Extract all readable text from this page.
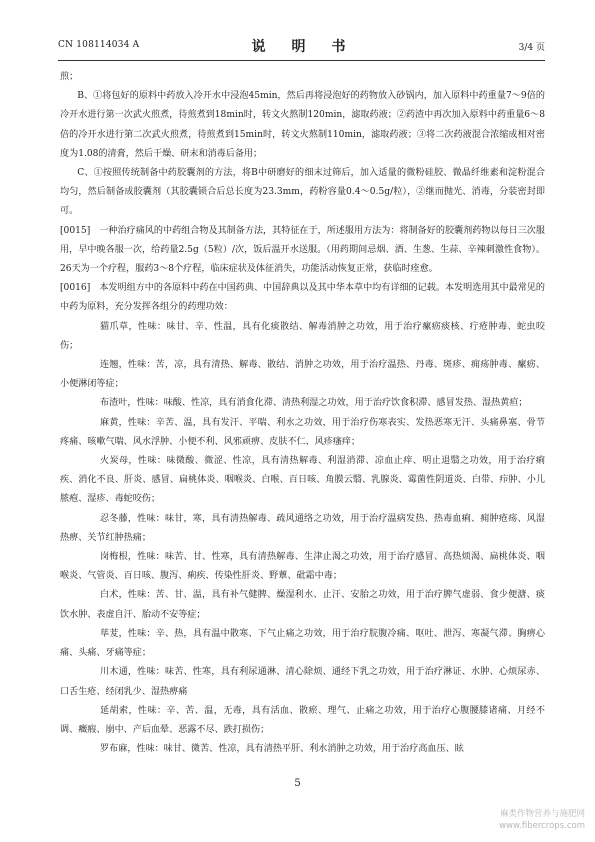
CN 108114034 A	说　明　书	3/4 页

煎；

B、①将包好的原料中药放入冷开水中浸泡45min，然后再将浸泡好的药物放入砂锅内，加入原料中药重量7～9倍的冷开水进行第一次武火煎煮，待煎煮到18min时，转文火熬制120min，滤取药液；②药渣中再次加入原料中药重量6～8倍的冷开水进行第二次武火煎煮，待煎煮到15min时，转文火熬制110min，滤取药液；③将二次药液混合浓缩成相对密度为1.08的清膏，然后干燥、研末和消毒后备用；

C、①按照传统制备中药胶囊剂的方法，将B中研磨好的细末过筛后，加入适量的微粉硅胶、微晶纤维素和淀粉混合均匀，然后制备成胶囊剂（其胶囊锁合后总长度为23.3mm，药粉容量0.4～0.5g/粒），②继而抛光、消毒，分装密封即可。

[0015]　一种治疗痛风的中药组合物及其制备方法，其特征在于，所述服用方法为：将制备好的胶囊剂药物以每日三次服用，早中晚各服一次，给药量2.5g（5粒）/次，饭后温开水送服。（用药期间忌烟、酒、生葱、生蒜、辛辣刺激性食物）。26天为一个疗程，服药3～8个疗程，临床症状及体征消失，功能活动恢复正常，获临时痊愈。

[0016]　本发明组方中的各原料中药在中国药典、中国辞典以及其中华本草中均有详细的记载。本发明选用其中最常见的中药为原料，充分发挥各组分的药理功效：

猫爪草，性味：味甘、辛、性温，具有化痰散结、解毒消肿之功效，用于治疗瘰疬痰核、疔疮肿毒、蛇虫咬伤；

连翘，性味：苦，凉，具有清热、解毒、散结、消肿之功效，用于治疗温热、丹毒、斑疹、痈疡肿毒、瘰疬、小便淋闭等症；

布渣叶，性味：味酸、性凉，具有消食化滞、清热利湿之功效，用于治疗饮食积滞、感冒发热、湿热黄疸；

麻黄，性味：辛苦、温，具有发汗、平喘、利水之功效，用于治疗伤寒表实、发热恶寒无汗、头痛鼻塞、骨节疼痛、咳嗽气喘、风水浮肿、小便不利、风邪顽痹、皮肤不仁、风疹瘙痒；

火炭母，性味：味微酸、微涩、性凉，具有清热解毒、利湿消滞、凉血止痒、明止退翳之功效，用于治疗痢疾、消化不良、肝炎、感冒、扁桃体炎、咽喉炎、白喉、百日咳、角膜云翳、乳腺炎、霉菌性阴道炎、白带、疖肿、小儿脓疱、湿疹、毒蛇咬伤；

忍冬藤，性味：味甘，寒，具有清热解毒、疏风通络之功效，用于治疗温病发热、热毒血痢、痈肿疮疡、风湿热痹、关节红肿热痛；

岗梅根，性味：味苦、甘、性寒，具有清热解毒、生津止渴之功效，用于治疗感冒、高热烦渴、扁桃体炎、咽喉炎、气管炎、百日咳、腹泻、痢疾、传染性肝炎、野蕈、砒霜中毒；

白术，性味：苦、甘、温，具有补气健脾、燥湿利水、止汗、安胎之功效，用于治疗脾气虚弱、食少便溏、痰饮水肿、表虚自汗、胎动不安等症；

荜茇，性味：辛、热，具有温中散寒、下气止痛之功效，用于治疗脘腹冷痛、呕吐、泄泻、寒凝气滞、胸痹心痛、头痛、牙痛等症；

川木通，性味：味苦、性寒，具有利尿通淋、清心除烦、通经下乳之功效，用于治疗淋证、水肿、心烦尿赤、口舌生疮、经闭乳少、湿热痹痛

延胡索，性味：辛、苦、温，无毒，具有活血、散瘀、理气、止痛之功效，用于治疗心腹腰膝诸痛、月经不调、癥瘕、崩中、产后血晕、恶露不尽、跌打损伤；

罗布麻，性味：味甘、微苦、性凉，具有清热平肝、利水消肿之功效，用于治疗高血压、眩

5
麻类作物营养与施肥网
www.fibercrops.com
